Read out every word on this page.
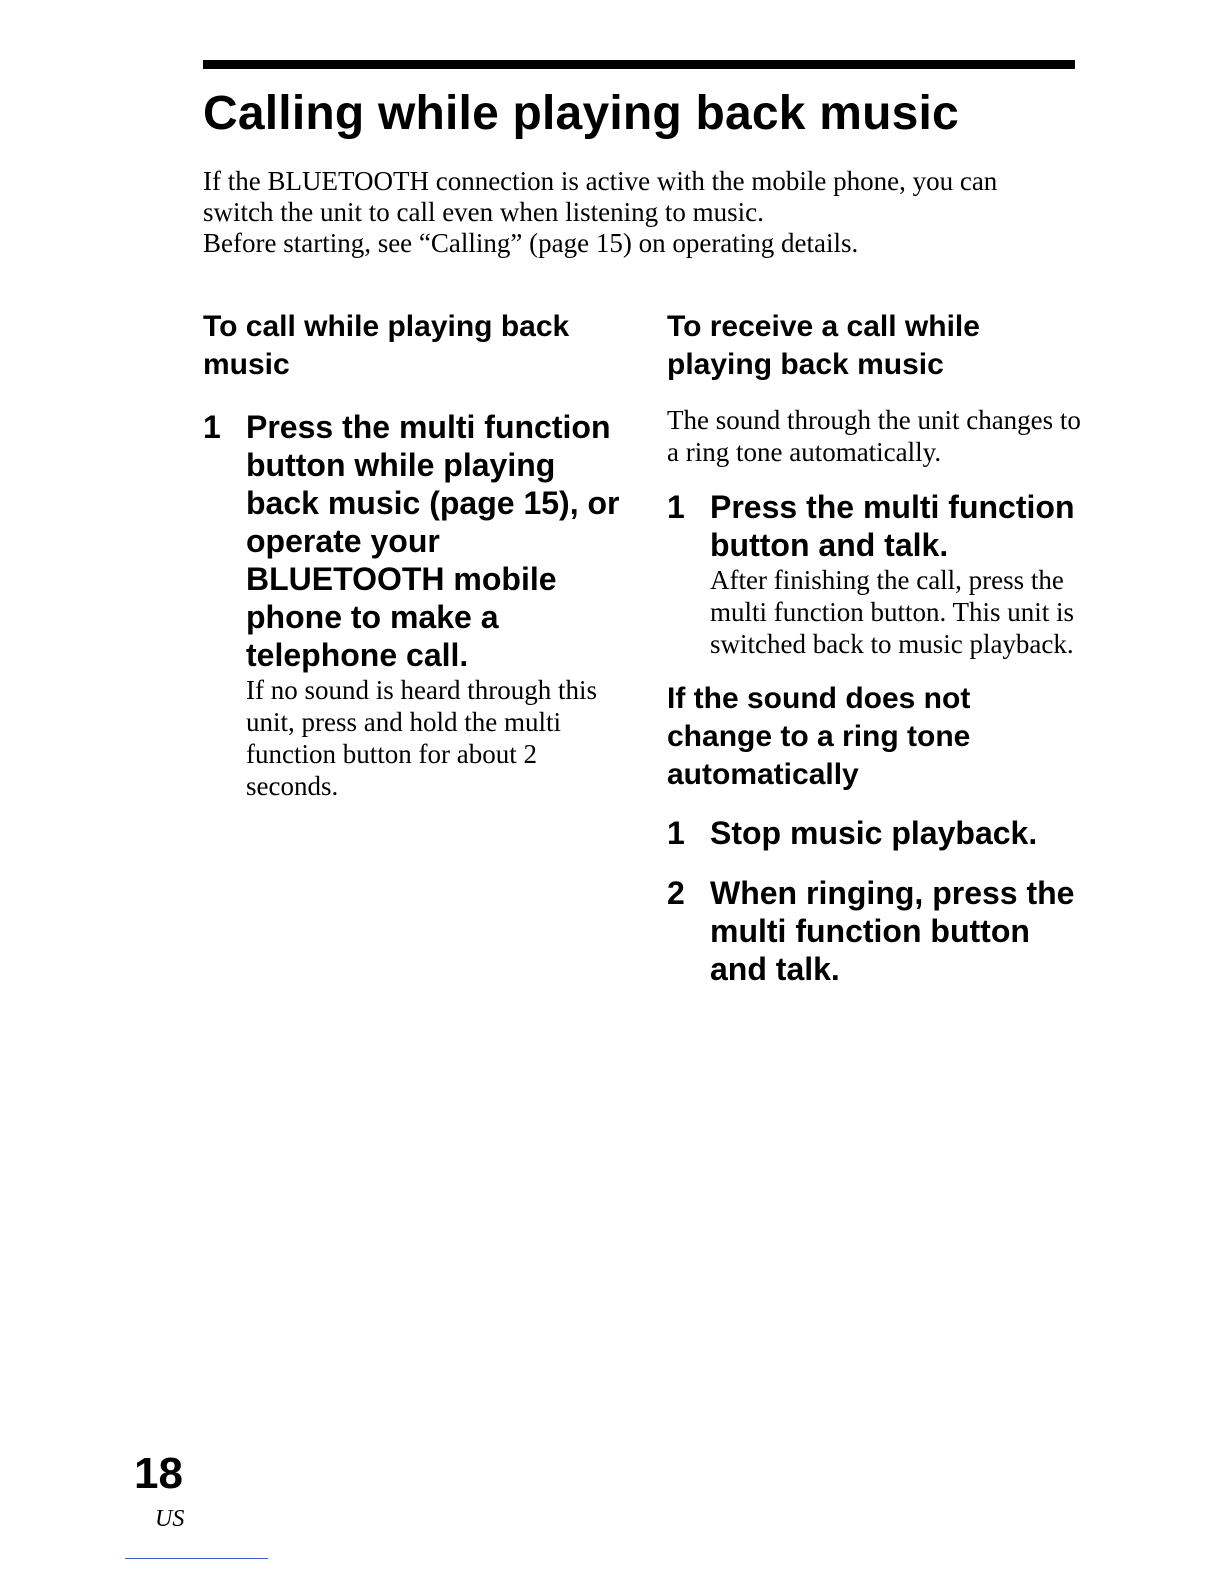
Calling while playing back music

If the BLUETOOTH connection is active with the mobile phone, you can

switch the unit to call even when listening to music.

Before starting, see “Calling” (page 15) on operating details.

To call while playing back music
1 Press the multi function button while playing back music (page 15), or operate your BLUETOOTH mobile phone to make a telephone call.

If no sound is heard through this unit, press and hold the multi function button for about 2 seconds.

To receive a call while playing back music

The sound through the unit changes to a ring tone automatically.

1 Press the multi function button and talk.

After finishing the call, press the multi function button. This unit is switched back to music playback.

If the sound does not change to a ring tone automatically
1 Stop music playback.

2 When ringing, press the multi function button and talk.

18
US
